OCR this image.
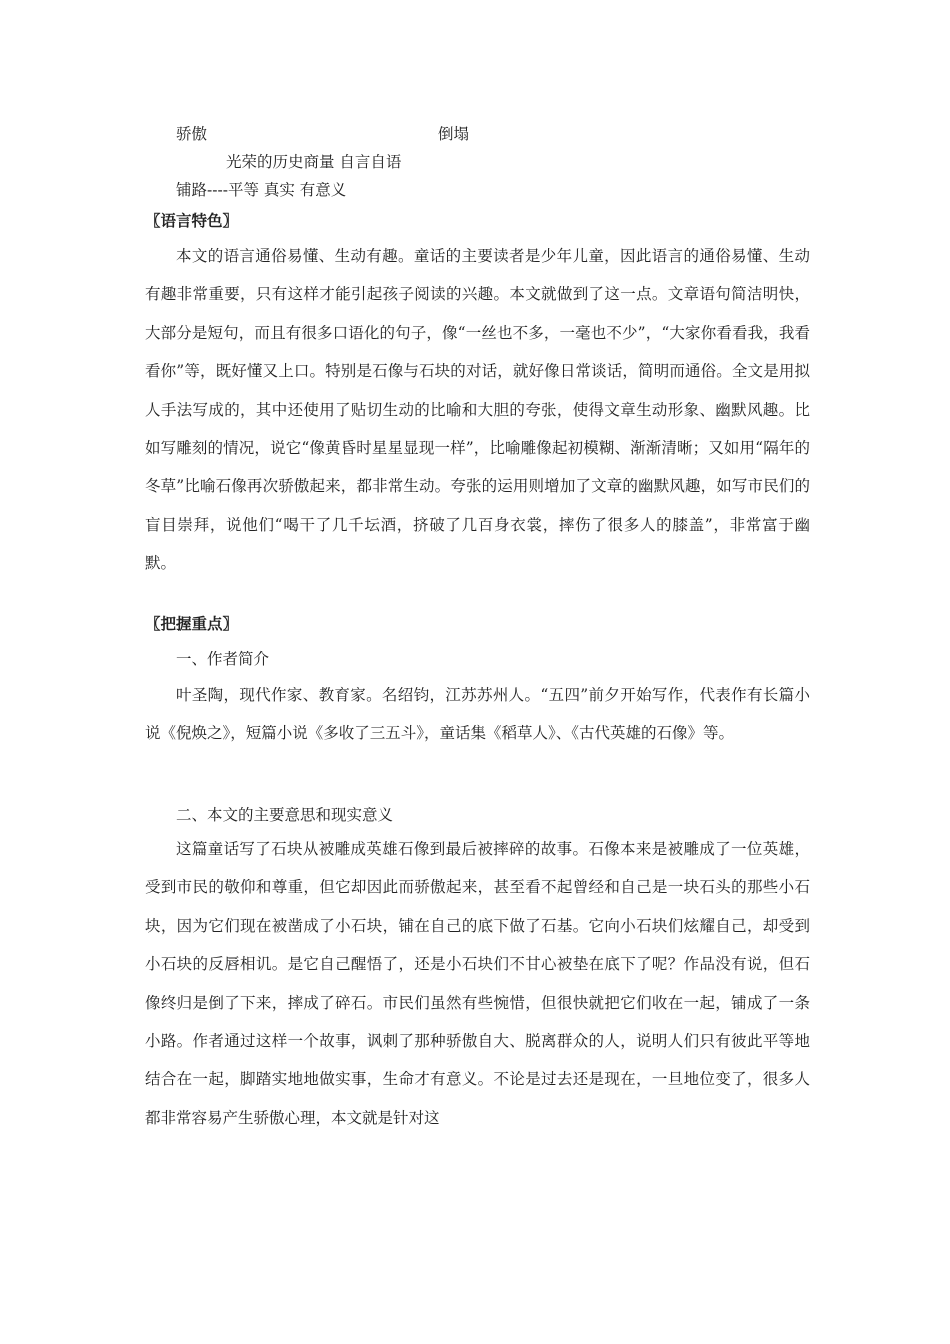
骄傲	倒塌
光荣的历史商量 自言自语
铺路----平等 真实 有意义
〖语言特色〗
本文的语言通俗易懂、生动有趣。童话的主要读者是少年儿童，因此语言的通俗易懂、生动有趣非常重要，只有这样才能引起孩子阅读的兴趣。本文就做到了这一点。文章语句简洁明快，大部分是短句，而且有很多口语化的句子，像“一丝也不多，一毫也不少”，“大家你看看我，我看看你”等，既好懂又上口。特别是石像与石块的对话，就好像日常谈话，简明而通俗。全文是用拟人手法写成的，其中还使用了贴切生动的比喻和大胆的夸张，使得文章生动形象、幽默风趣。比如写雕刻的情况，说它“像黄昏时星星显现一样”，比喻雕像起初模糊、渐渐清晰；又如用“隔年的冬草”比喻石像再次骄傲起来，都非常生动。夸张的运用则增加了文章的幽默风趣，如写市民们的盲目崇拜，说他们“喝干了几千坛酒，挤破了几百身衣裳，摔伤了很多人的膝盖”，非常富于幽默。
〖把握重点〗
一、作者简介
叶圣陶，现代作家、教育家。名绍钧，江苏苏州人。“五四”前夕开始写作，代表作有长篇小说《倪焕之》，短篇小说《多收了三五斗》，童话集《稻草人》、《古代英雄的石像》等。
二、本文的主要意思和现实意义
这篇童话写了石块从被雕成英雄石像到最后被摔碎的故事。石像本来是被雕成了一位英雄，受到市民的敬仰和尊重，但它却因此而骄傲起来，甚至看不起曾经和自己是一块石头的那些小石块，因为它们现在被凿成了小石块，铺在自己的底下做了石基。它向小石块们炫耀自己，却受到小石块的反唇相讥。是它自己醒悟了，还是小石块们不甘心被垫在底下了呢？作品没有说，但石像终归是倒了下来，摔成了碎石。市民们虽然有些惋惜，但很快就把它们收在一起，铺成了一条小路。作者通过这样一个故事，讽刺了那种骄傲自大、脱离群众的人，说明人们只有彼此平等地结合在一起，脚踏实地地做实事，生命才有意义。不论是过去还是现在，一旦地位变了，很多人都非常容易产生骄傲心理，本文就是针对这
